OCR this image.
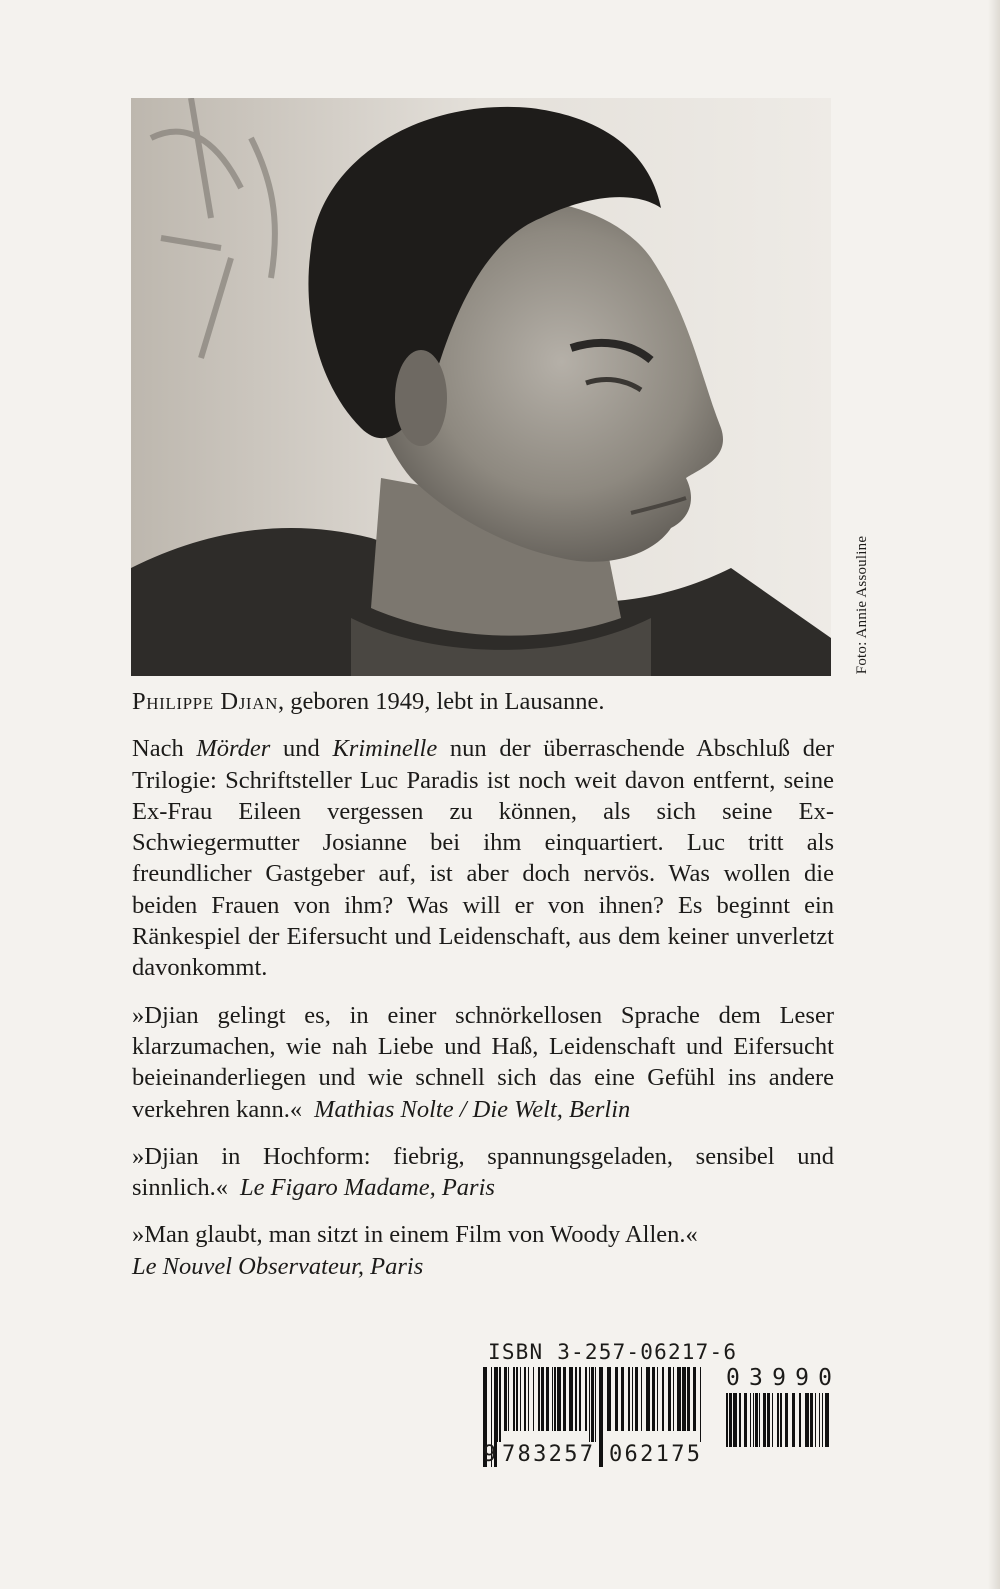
Foto: Annie Assouline

Philippe Djian, geboren 1949, lebt in Lausanne.

Nach Mörder und Kriminelle nun der überraschende Abschluß der Trilogie: Schriftsteller Luc Paradis ist noch weit davon entfernt, seine Ex-Frau Eileen vergessen zu können, als sich seine Ex-Schwiegermutter Josianne bei ihm einquartiert. Luc tritt als freundlicher Gastgeber auf, ist aber doch nervös. Was wollen die beiden Frauen von ihm? Was will er von ihnen? Es beginnt ein Ränkespiel der Eifersucht und Leidenschaft, aus dem keiner unverletzt davonkommt.

»Djian gelingt es, in einer schnörkellosen Sprache dem Leser klarzumachen, wie nah Liebe und Haß, Leidenschaft und Eifersucht beieinanderliegen und wie schnell sich das eine Gefühl ins andere verkehren kann.« Mathias Nolte / Die Welt, Berlin

»Djian in Hochform: fiebrig, spannungsgeladen, sensibel und sinnlich.« Le Figaro Madame, Paris

»Man glaubt, man sitzt in einem Film von Woody Allen.«
Le Nouvel Observateur, Paris

ISBN 3-257-06217-6
9 7 8 3 2 5 7 0 6 2 1 7 5
0 3 9 9 0
